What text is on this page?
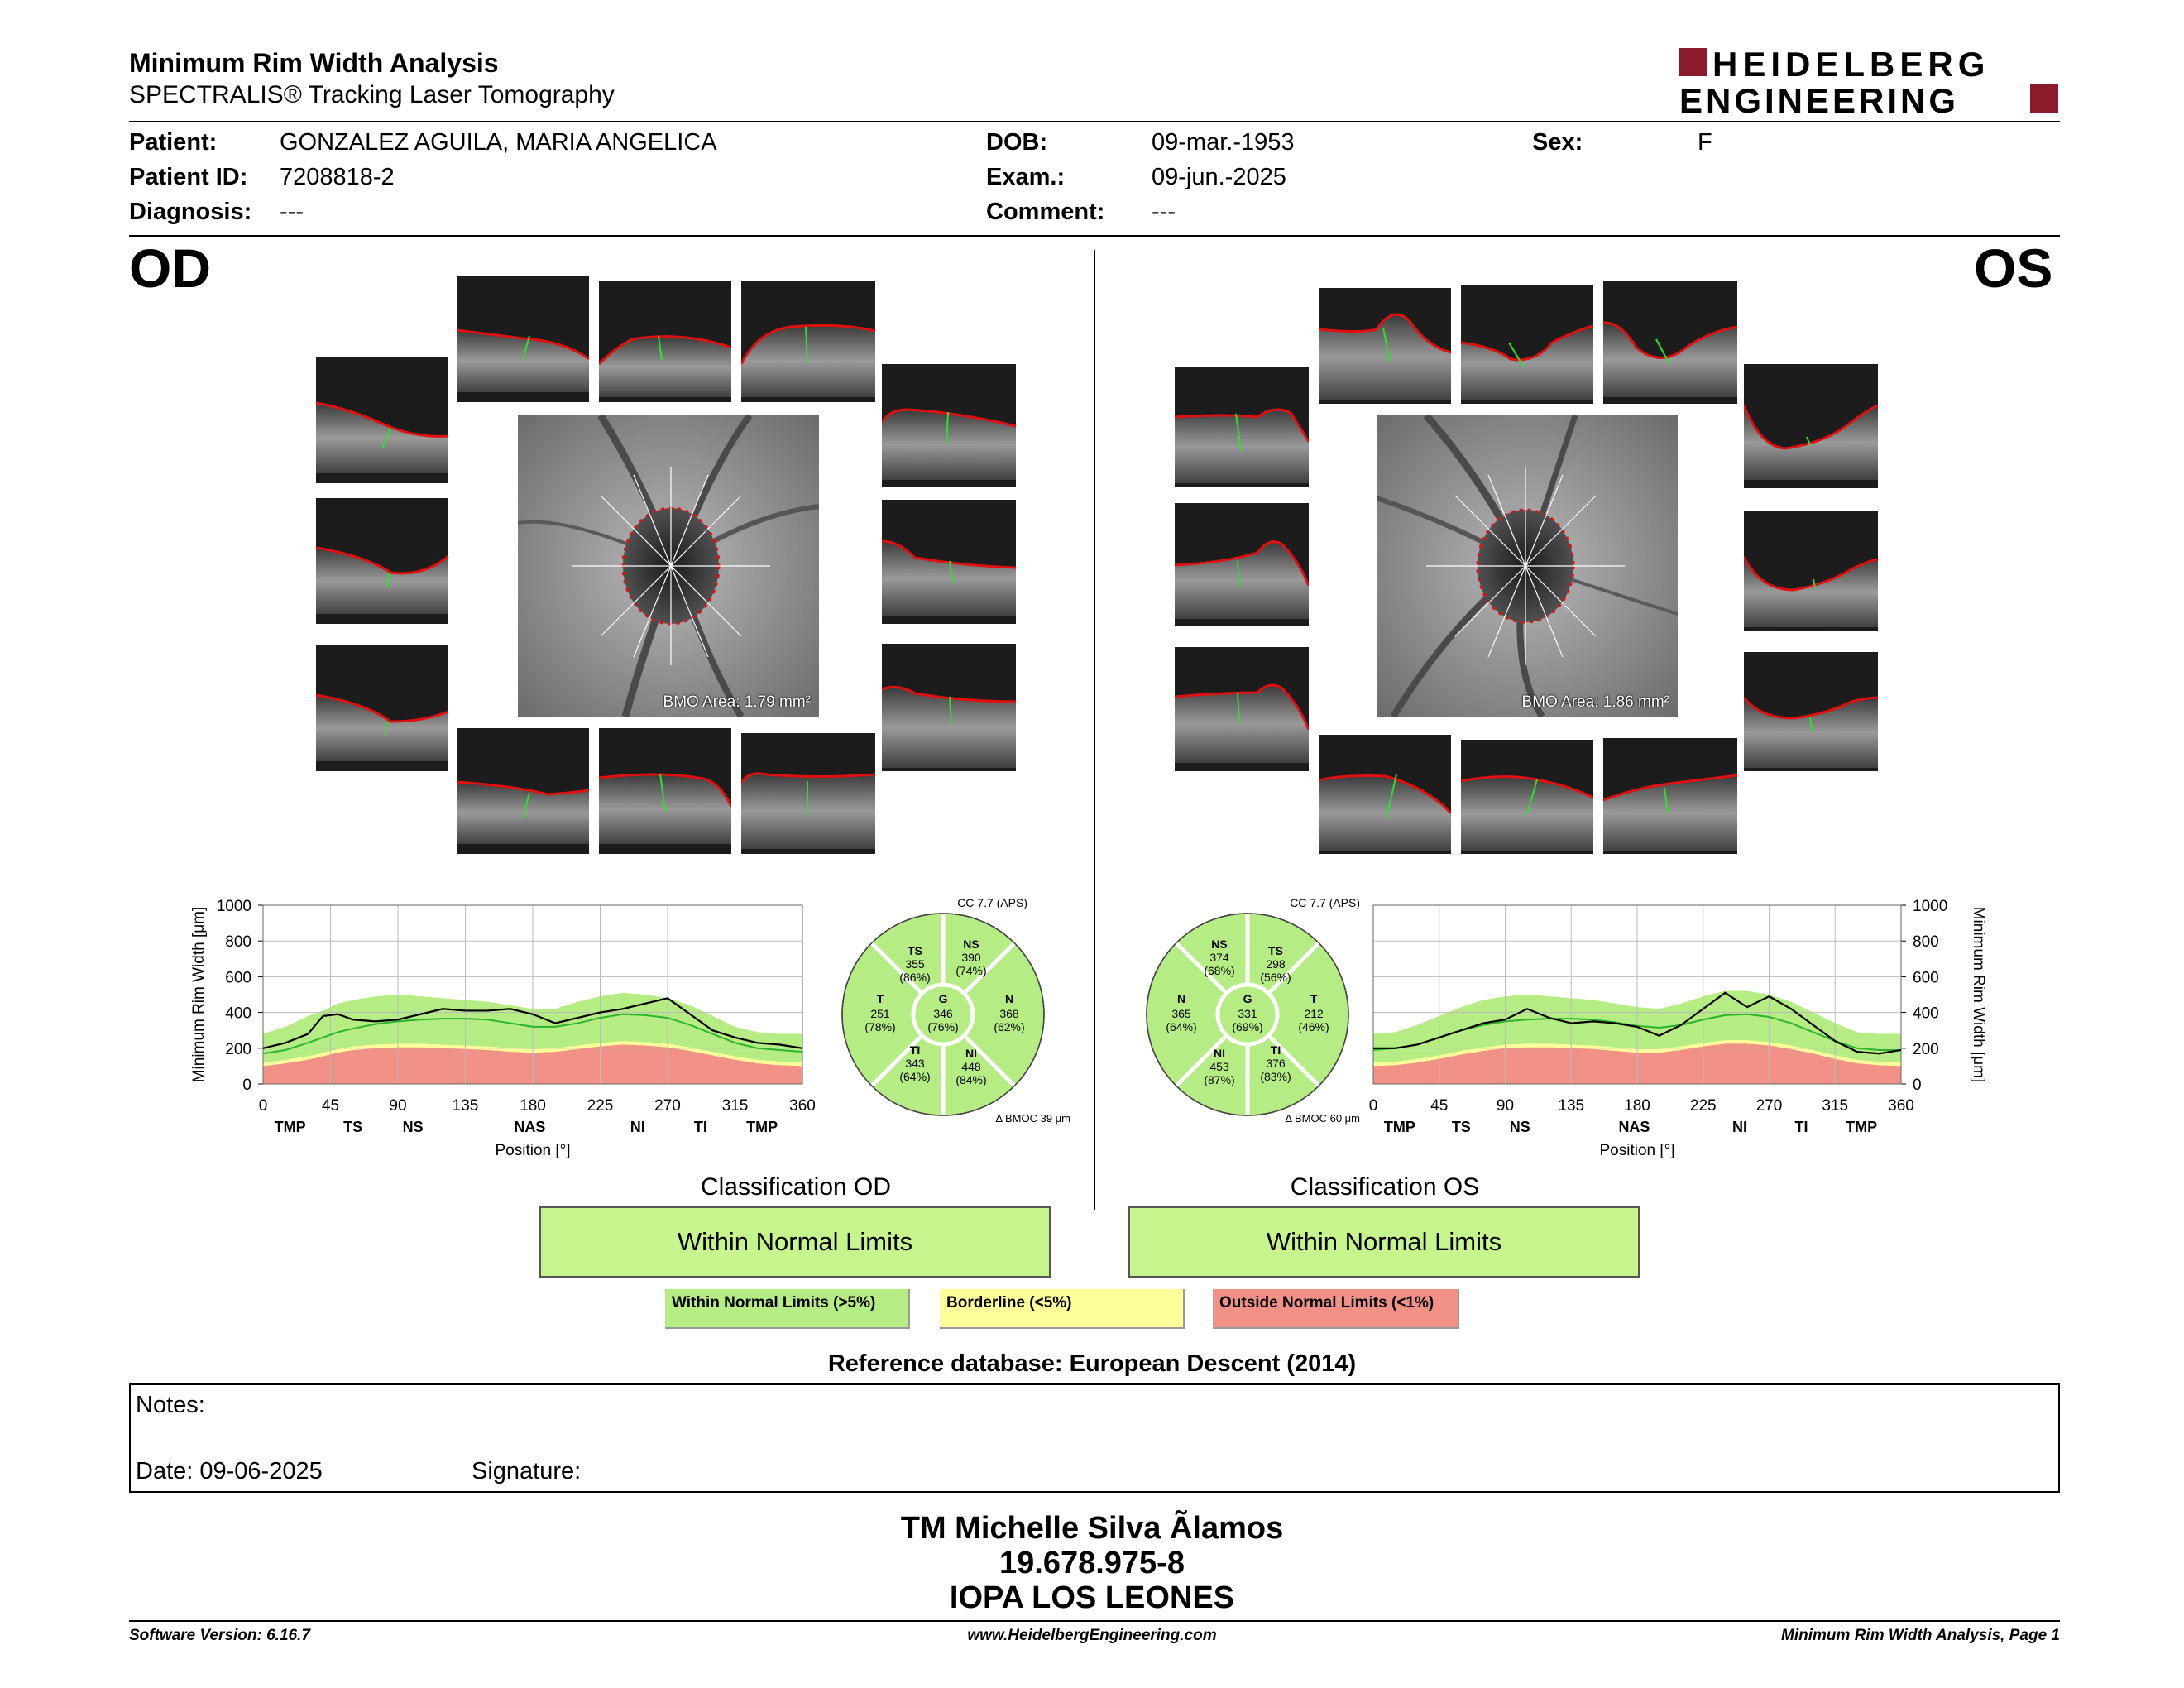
Minimum Rim Width Analysis
SPECTRALIS® Tracking Laser Tomography
HEIDELBERG
ENGINEERING
Patient:	GONZALEZ AGUILA, MARIA ANGELICA
Patient ID: 7208818-2
Diagnosis: ---
DOB:	09-mar.-1953
Exam.:	09-jun.-2025
Comment: ---
Sex:	F
OD	OS
BMO Area: 1.79 mm²	BMO Area: 1.86 mm²
0	45	90	135	180	225	270	315	360
0
200
400
600
800
1000
TMP	TS	NS	NAS	NI	TI	TMP
Position [°]
Minimum Rim Width [μm]
0	45	90	135	180	225	270	315	360
0
200
400
600
800
1000
TMP TS	NS	NAS	NI	TI	TMP
Position [°]
Minimum Rim Width [μm]
CC 7.7 (APS)
TS
355
(86%)
NS
390
(74%)
T
251
(78%)
G
346
(76%)
N
368
(62%)
TI
343
(64%)
NI
448
(84%)
Δ BMOC 39 μm
CC 7.7 (APS)
NS
374
(68%)
TS
298
(56%)
N
365
(64%)
G
331
(69%)
T
212
(46%)
NI
453
(87%)
TI
376
(83%)
Δ BMOC 60 μm
Classification OD
Within Normal Limits
Classification OS
Within Normal Limits
Within Normal Limits (>5%)	Borderline (<5%)	Outside Normal Limits (<1%)
Reference database: European Descent (2014)
Notes:
Date: 09-06-2025	Signature:
TM Michelle Silva Ãlamos
19.678.975-8
IOPA LOS LEONES
Software Version: 6.16.7	www.HeidelbergEngineering.com	Minimum Rim Width Analysis, Page 1
